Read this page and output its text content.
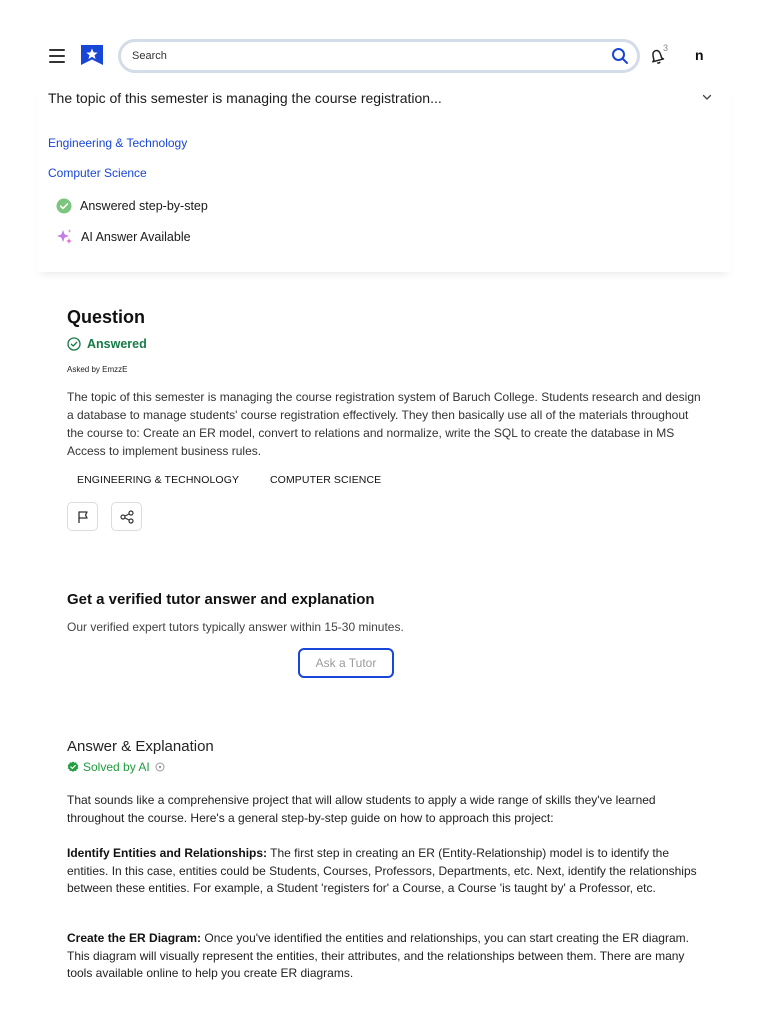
Search
3 n
The topic of this semester is managing the course registration...
Engineering & Technology
Computer Science
Answered step-by-step
AI Answer Available
Question
Answered
Asked by EmzzE
The topic of this semester is managing the course registration system of Baruch College. Students research and design a database to manage students' course registration effectively. They then basically use all of the materials throughout the course to: Create an ER model, convert to relations and normalize, write the SQL to create the database in MS Access to implement business rules.
ENGINEERING & TECHNOLOGY	COMPUTER SCIENCE
Get a verified tutor answer and explanation
Our verified expert tutors typically answer within 15-30 minutes.
Ask a Tutor
Answer & Explanation
Solved by AI

That sounds like a comprehensive project that will allow students to apply a wide range of skills they've learned throughout the course. Here's a general step-by-step guide on how to approach this project:

Identify Entities and Relationships: The first step in creating an ER (Entity-Relationship) model is to identify the entities. In this case, entities could be Students, Courses, Professors, Departments, etc. Next, identify the relationships between these entities. For example, a Student 'registers for' a Course, a Course 'is taught by' a Professor, etc.

Create the ER Diagram: Once you've identified the entities and relationships, you can start creating the ER diagram. This diagram will visually represent the entities, their attributes, and the relationships between them. There are many tools available online to help you create ER diagrams.
